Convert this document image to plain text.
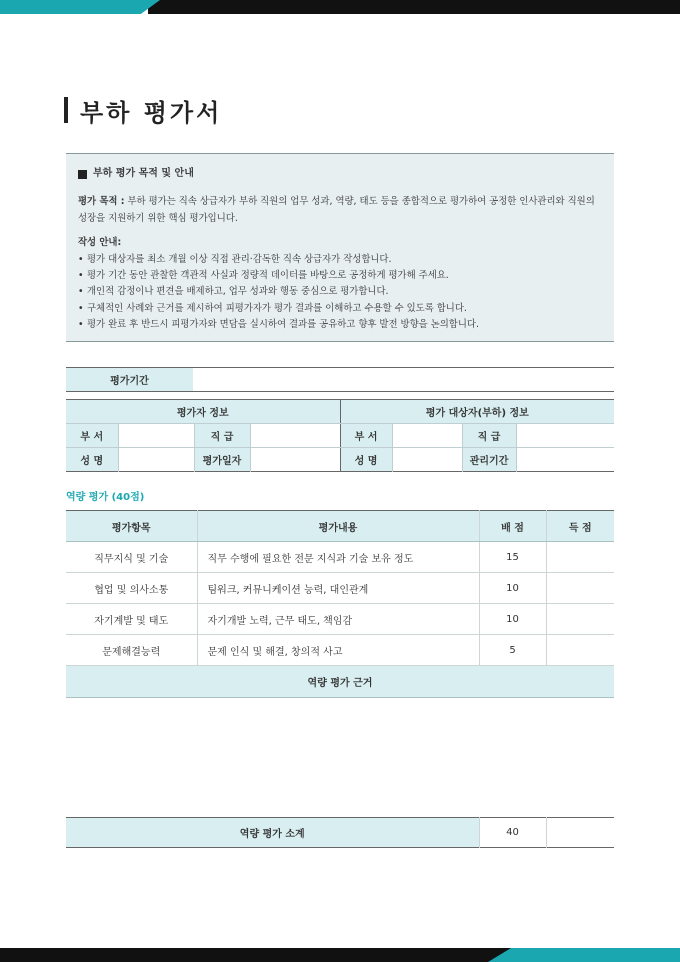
부하 평가서
부하 평가 목적 및 안내
평가 목적 : 부하 평가는 직속 상급자가 부하 직원의 업무 성과, 역량, 태도 등을 종합적으로 평가하여 공정한 인사관리와 직원의 성장을 지원하기 위한 핵심 평가입니다.
작성 안내:
• 평가 대상자를 최소 개월 이상 직접 관리·감독한 직속 상급자가 작성합니다.
• 평가 기간 동안 관찰한 객관적 사실과 정량적 데이터를 바탕으로 공정하게 평가해 주세요.
• 개인적 감정이나 편견을 배제하고, 업무 성과와 행동 중심으로 평가합니다.
• 구체적인 사례와 근거를 제시하여 피평가자가 평가 결과를 이해하고 수용할 수 있도록 합니다.
• 평가 완료 후 반드시 피평가자와 면담을 실시하여 결과를 공유하고 향후 발전 방향을 논의합니다.
평가기간	
평가자 정보				평가 대상자(부하) 정보			
부 서		직 급		부 서		직 급	
성 명		평가일자		성 명		관리기간	
역량 평가 (40점)
평가항목	평가내용	배 점	득 점
직무지식 및 기술	직무 수행에 필요한 전문 지식과 기술 보유 정도	15	
협업 및 의사소통	팀워크, 커뮤니케이션 능력, 대인관계	10	
자기계발 및 태도	자기개발 노력, 근무 태도, 책임감	10	
문제해결능력	문제 인식 및 해결, 창의적 사고	5	
역량 평가 근거			

역량 평가 소계	40	
